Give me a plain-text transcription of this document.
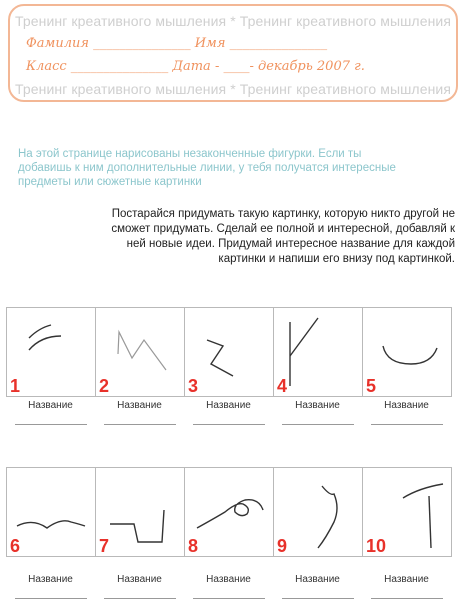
Тренинг креативного мышления * Тренинг креативного мышления
Фамилия _______________ Имя _______________
Класс _______________ Дата - ____- декабрь 2007 г.
Тренинг креативного мышления * Тренинг креативного мышления
На этой странице нарисованы незаконченные фигурки. Если ты добавишь к ним дополнительные линии, у тебя получатся интересные предметы или сюжетные картинки
Постарайся придумать такую картинку, которую никто другой не сможет придумать. Сделай ее полной и интересной, добавляй к ней новые идеи. Придумай интересное название для каждой картинки и напиши его внизу под картинкой.
1	2	3	4	5
Название	Название	Название	Название	Название
6	7	8	9	10
Название	Название	Название	Название	Название
